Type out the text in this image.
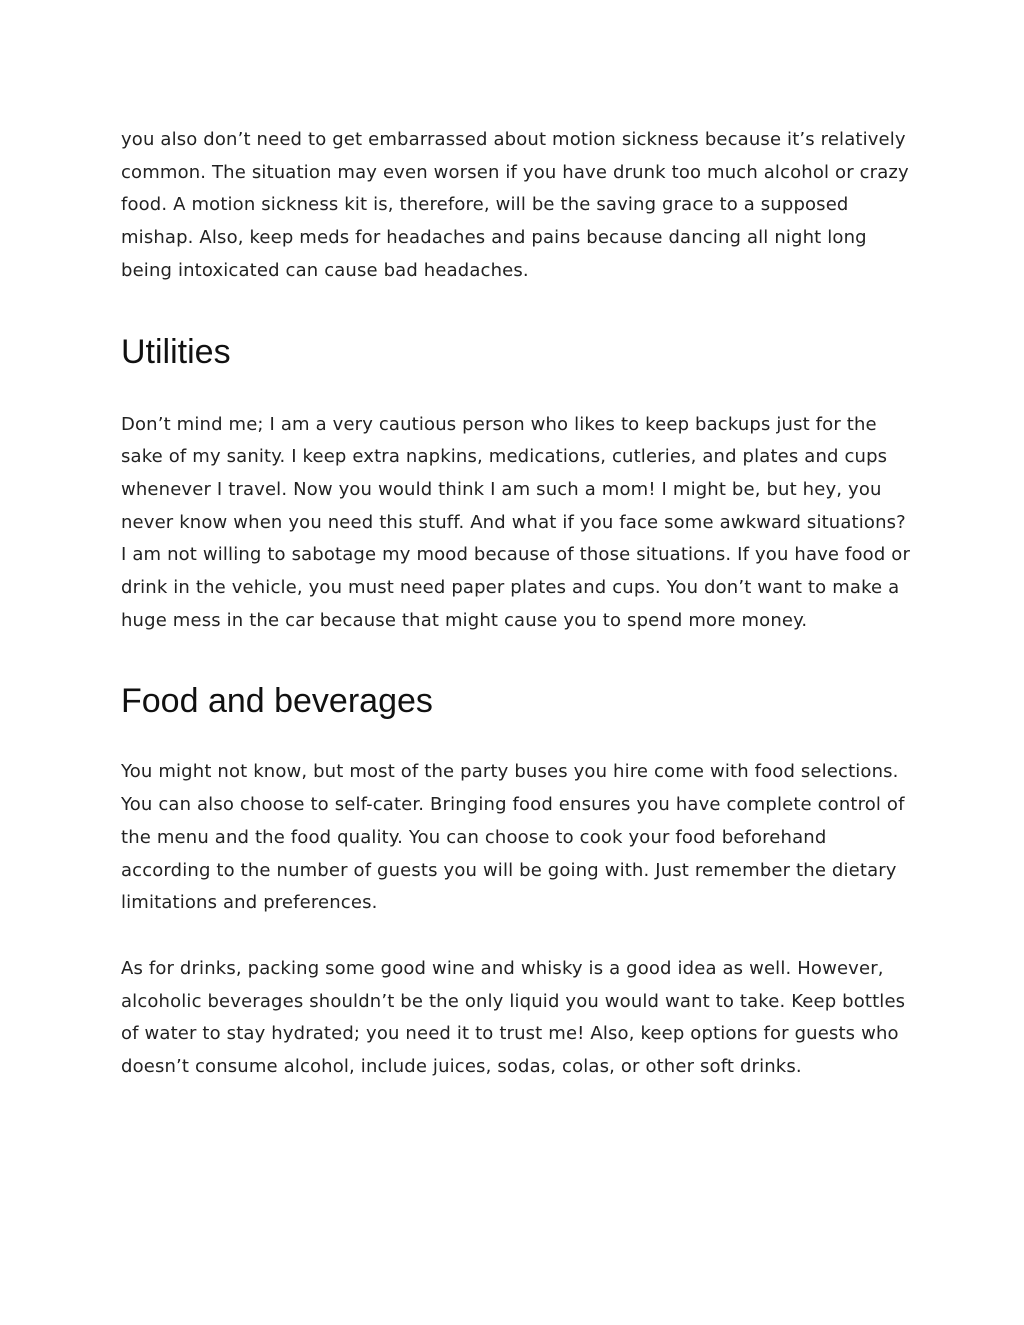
you also don’t need to get embarrassed about motion sickness because it’s relatively common. The situation may even worsen if you have drunk too much alcohol or crazy food. A motion sickness kit is, therefore, will be the saving grace to a supposed mishap. Also, keep meds for headaches and pains because dancing all night long being intoxicated can cause bad headaches.

Utilities

Don’t mind me; I am a very cautious person who likes to keep backups just for the sake of my sanity. I keep extra napkins, medications, cutleries, and plates and cups whenever I travel. Now you would think I am such a mom! I might be, but hey, you never know when you need this stuff. And what if you face some awkward situations? I am not willing to sabotage my mood because of those situations. If you have food or drink in the vehicle, you must need paper plates and cups. You don’t want to make a huge mess in the car because that might cause you to spend more money.

Food and beverages

You might not know, but most of the party buses you hire come with food selections. You can also choose to self-cater. Bringing food ensures you have complete control of the menu and the food quality. You can choose to cook your food beforehand according to the number of guests you will be going with. Just remember the dietary limitations and preferences.

As for drinks, packing some good wine and whisky is a good idea as well. However, alcoholic beverages shouldn’t be the only liquid you would want to take. Keep bottles of water to stay hydrated; you need it to trust me! Also, keep options for guests who doesn’t consume alcohol, include juices, sodas, colas, or other soft drinks.
